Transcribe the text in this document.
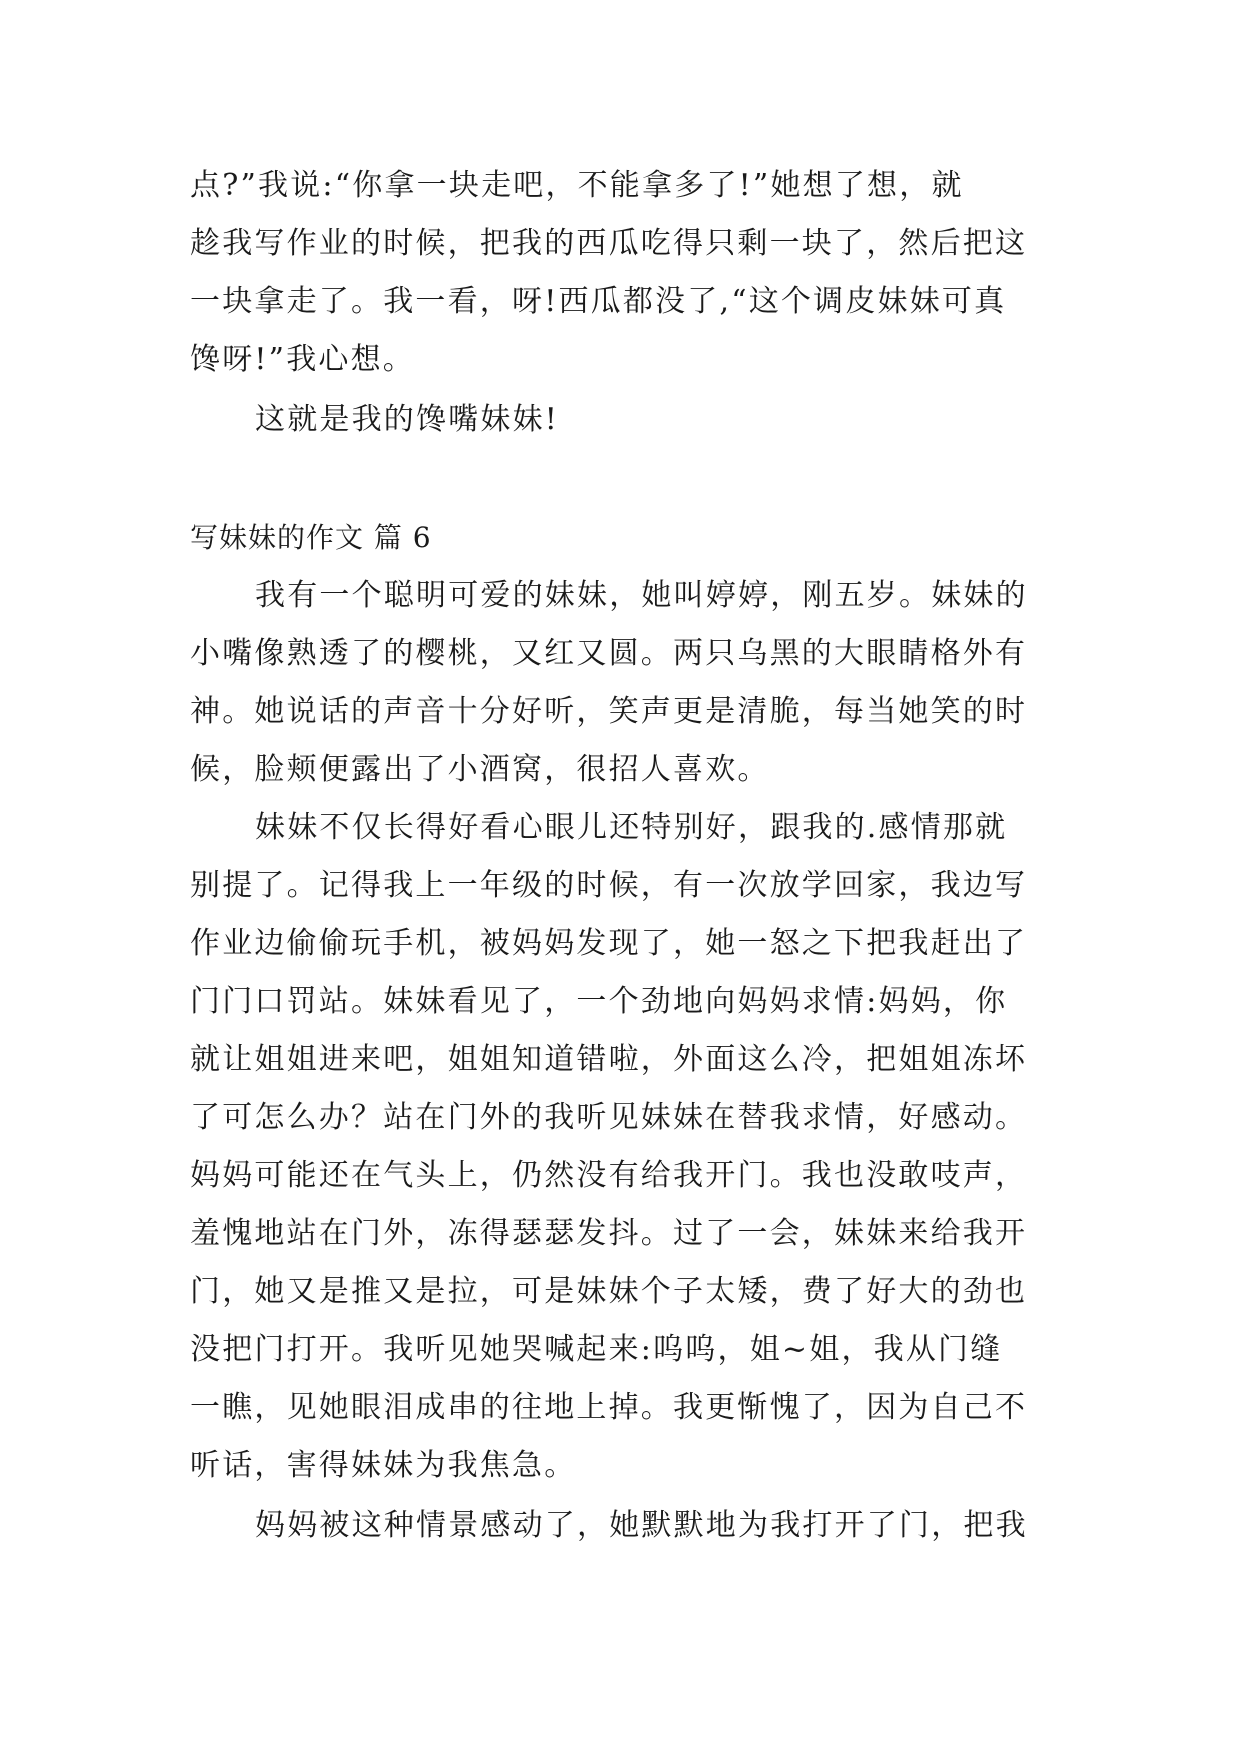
点?”我说:“你拿一块走吧，不能拿多了!”她想了想，就
趁我写作业的时候，把我的西瓜吃得只剩一块了，然后把这
一块拿走了。我一看，呀!西瓜都没了,“这个调皮妹妹可真
馋呀!”我心想。
这就是我的馋嘴妹妹!
写妹妹的作文 篇 6
我有一个聪明可爱的妹妹，她叫婷婷，刚五岁。妹妹的
小嘴像熟透了的樱桃，又红又圆。两只乌黑的大眼睛格外有
神。她说话的声音十分好听，笑声更是清脆，每当她笑的时
候，脸颊便露出了小酒窝，很招人喜欢。
妹妹不仅长得好看心眼儿还特别好，跟我的.感情那就
别提了。记得我上一年级的时候，有一次放学回家，我边写
作业边偷偷玩手机，被妈妈发现了，她一怒之下把我赶出了
门门口罚站。妹妹看见了，一个劲地向妈妈求情:妈妈，你
就让姐姐进来吧，姐姐知道错啦，外面这么冷，把姐姐冻坏
了可怎么办？站在门外的我听见妹妹在替我求情，好感动。
妈妈可能还在气头上，仍然没有给我开门。我也没敢吱声，
羞愧地站在门外，冻得瑟瑟发抖。过了一会，妹妹来给我开
门，她又是推又是拉，可是妹妹个子太矮，费了好大的劲也
没把门打开。我听见她哭喊起来:呜呜，姐~姐，我从门缝
一瞧，见她眼泪成串的往地上掉。我更惭愧了，因为自己不
听话，害得妹妹为我焦急。
妈妈被这种情景感动了，她默默地为我打开了门，把我
